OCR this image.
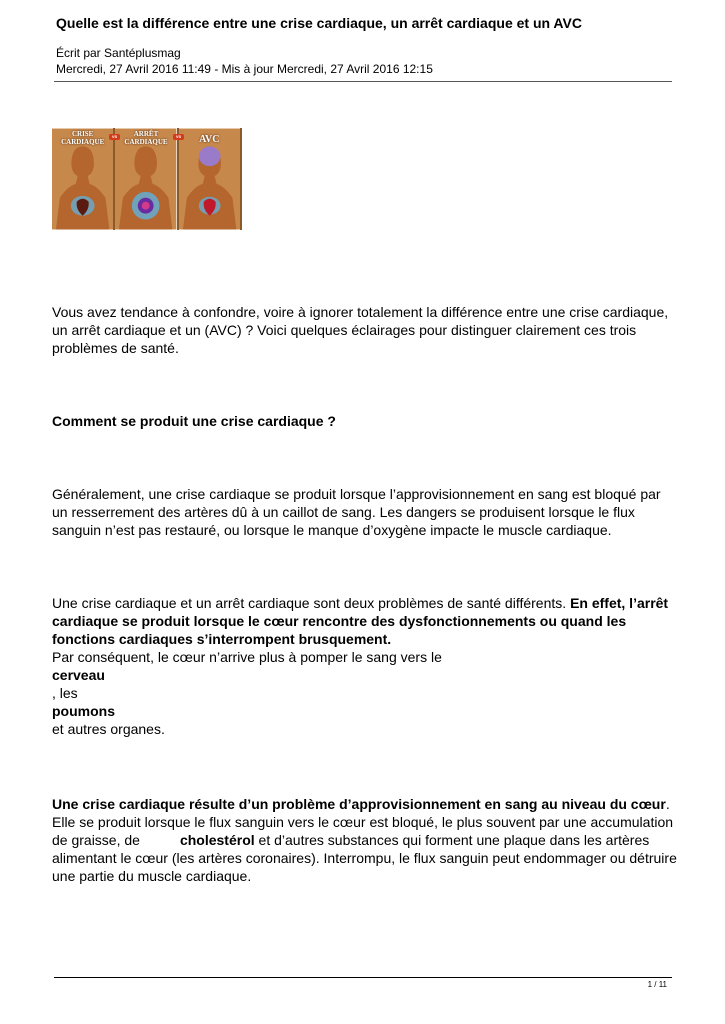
Quelle est la différence entre une crise cardiaque, un arrêt cardiaque et un AVC
Écrit par Santéplusmag
Mercredi, 27 Avril 2016 11:49 - Mis à jour Mercredi, 27 Avril 2016 12:15
CRISE
CARDIAQUE
ARRÊT
CARDIAQUE	AVC
VS	VS
Vous avez tendance à confondre, voire à ignorer totalement la différence entre une crise cardiaque, un arrêt cardiaque et un (AVC) ? Voici quelques éclairages pour distinguer clairement ces trois problèmes de santé.
Comment se produit une crise cardiaque ?
Généralement, une crise cardiaque se produit lorsque l’approvisionnement en sang est bloqué par un resserrement des artères dû à un caillot de sang. Les dangers se produisent lorsque le flux sanguin n’est pas restauré, ou lorsque le manque d’oxygène impacte le muscle cardiaque.
Une crise cardiaque et un arrêt cardiaque sont deux problèmes de santé différents. En effet, l’arrêt cardiaque se produit lorsque le cœur rencontre des dysfonctionnements ou quand les fonctions cardiaques s’interrompent brusquement.
Par conséquent, le cœur n’arrive plus à pomper le sang vers le
cerveau
, les
poumons
et autres organes.
Une crise cardiaque résulte d’un problème d’approvisionnement en sang au niveau du cœur. Elle se produit lorsque le flux sanguin vers le cœur est bloqué, le plus souvent par une accumulation de graisse, de	cholestérol et d’autres substances qui forment une plaque dans les artères alimentant le cœur (les artères coronaires). Interrompu, le flux sanguin peut endommager ou détruire une partie du muscle cardiaque.
1 / 11
